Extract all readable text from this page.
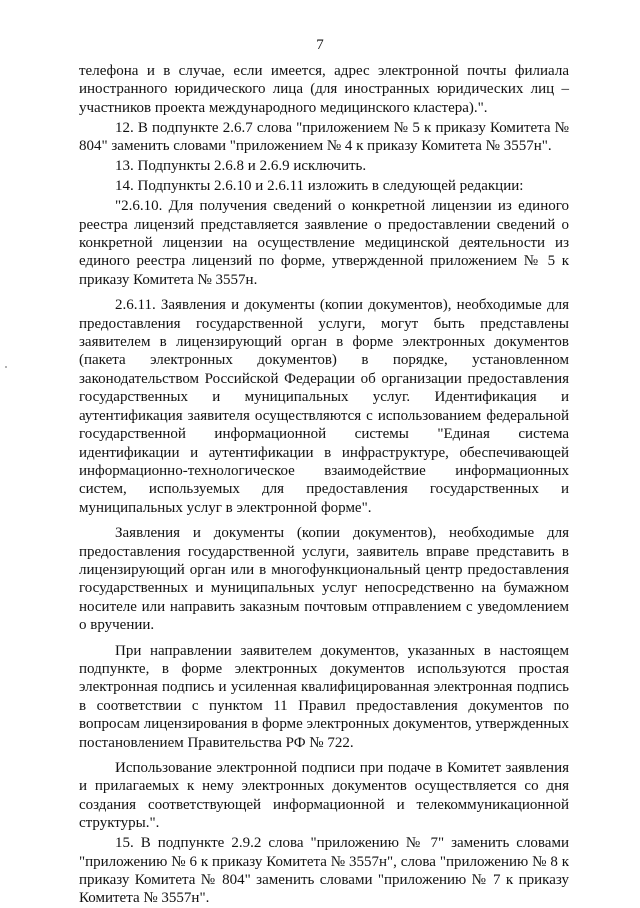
7

телефона и в случае, если имеется, адрес электронной почты филиала иностранного юридического лица (для иностранных юридических лиц – участников проекта международного медицинского кластера).".

12. В подпункте 2.6.7 слова "приложением № 5 к приказу Комитета № 804" заменить словами "приложением № 4 к приказу Комитета № 3557н".

13. Подпункты 2.6.8 и 2.6.9 исключить.

14. Подпункты 2.6.10 и 2.6.11 изложить в следующей редакции:

"2.6.10. Для получения сведений о конкретной лицензии из единого реестра лицензий представляется заявление о предоставлении сведений о конкретной лицензии на осуществление медицинской деятельности из единого реестра лицензий по форме, утвержденной приложением № 5 к приказу Комитета № 3557н.

2.6.11. Заявления и документы (копии документов), необходимые для предоставления государственной услуги, могут быть представлены заявителем в лицензирующий орган в форме электронных документов (пакета электронных документов) в порядке, установленном законодательством Российской Федерации об организации предоставления государственных и муниципальных услуг. Идентификация и аутентификация заявителя осуществляются с использованием федеральной государственной информационной системы "Единая система идентификации и аутентификации в инфраструктуре, обеспечивающей информационно-технологическое взаимодействие информационных систем, используемых для предоставления государственных и муниципальных услуг в электронной форме".

Заявления и документы (копии документов), необходимые для предоставления государственной услуги, заявитель вправе представить в лицензирующий орган или в многофункциональный центр предоставления государственных и муниципальных услуг непосредственно на бумажном носителе или направить заказным почтовым отправлением с уведомлением о вручении.

При направлении заявителем документов, указанных в настоящем подпункте, в форме электронных документов используются простая электронная подпись и усиленная квалифицированная электронная подпись в соответствии с пунктом 11 Правил предоставления документов по вопросам лицензирования в форме электронных документов, утвержденных постановлением Правительства РФ № 722.

Использование электронной подписи при подаче в Комитет заявления и прилагаемых к нему электронных документов осуществляется со дня создания соответствующей информационной и телекоммуникационной структуры.".

15. В подпункте 2.9.2 слова "приложению № 7" заменить словами "приложению № 6 к приказу Комитета № 3557н", слова "приложению № 8 к приказу Комитета № 804" заменить словами "приложению № 7 к приказу Комитета № 3557н".
